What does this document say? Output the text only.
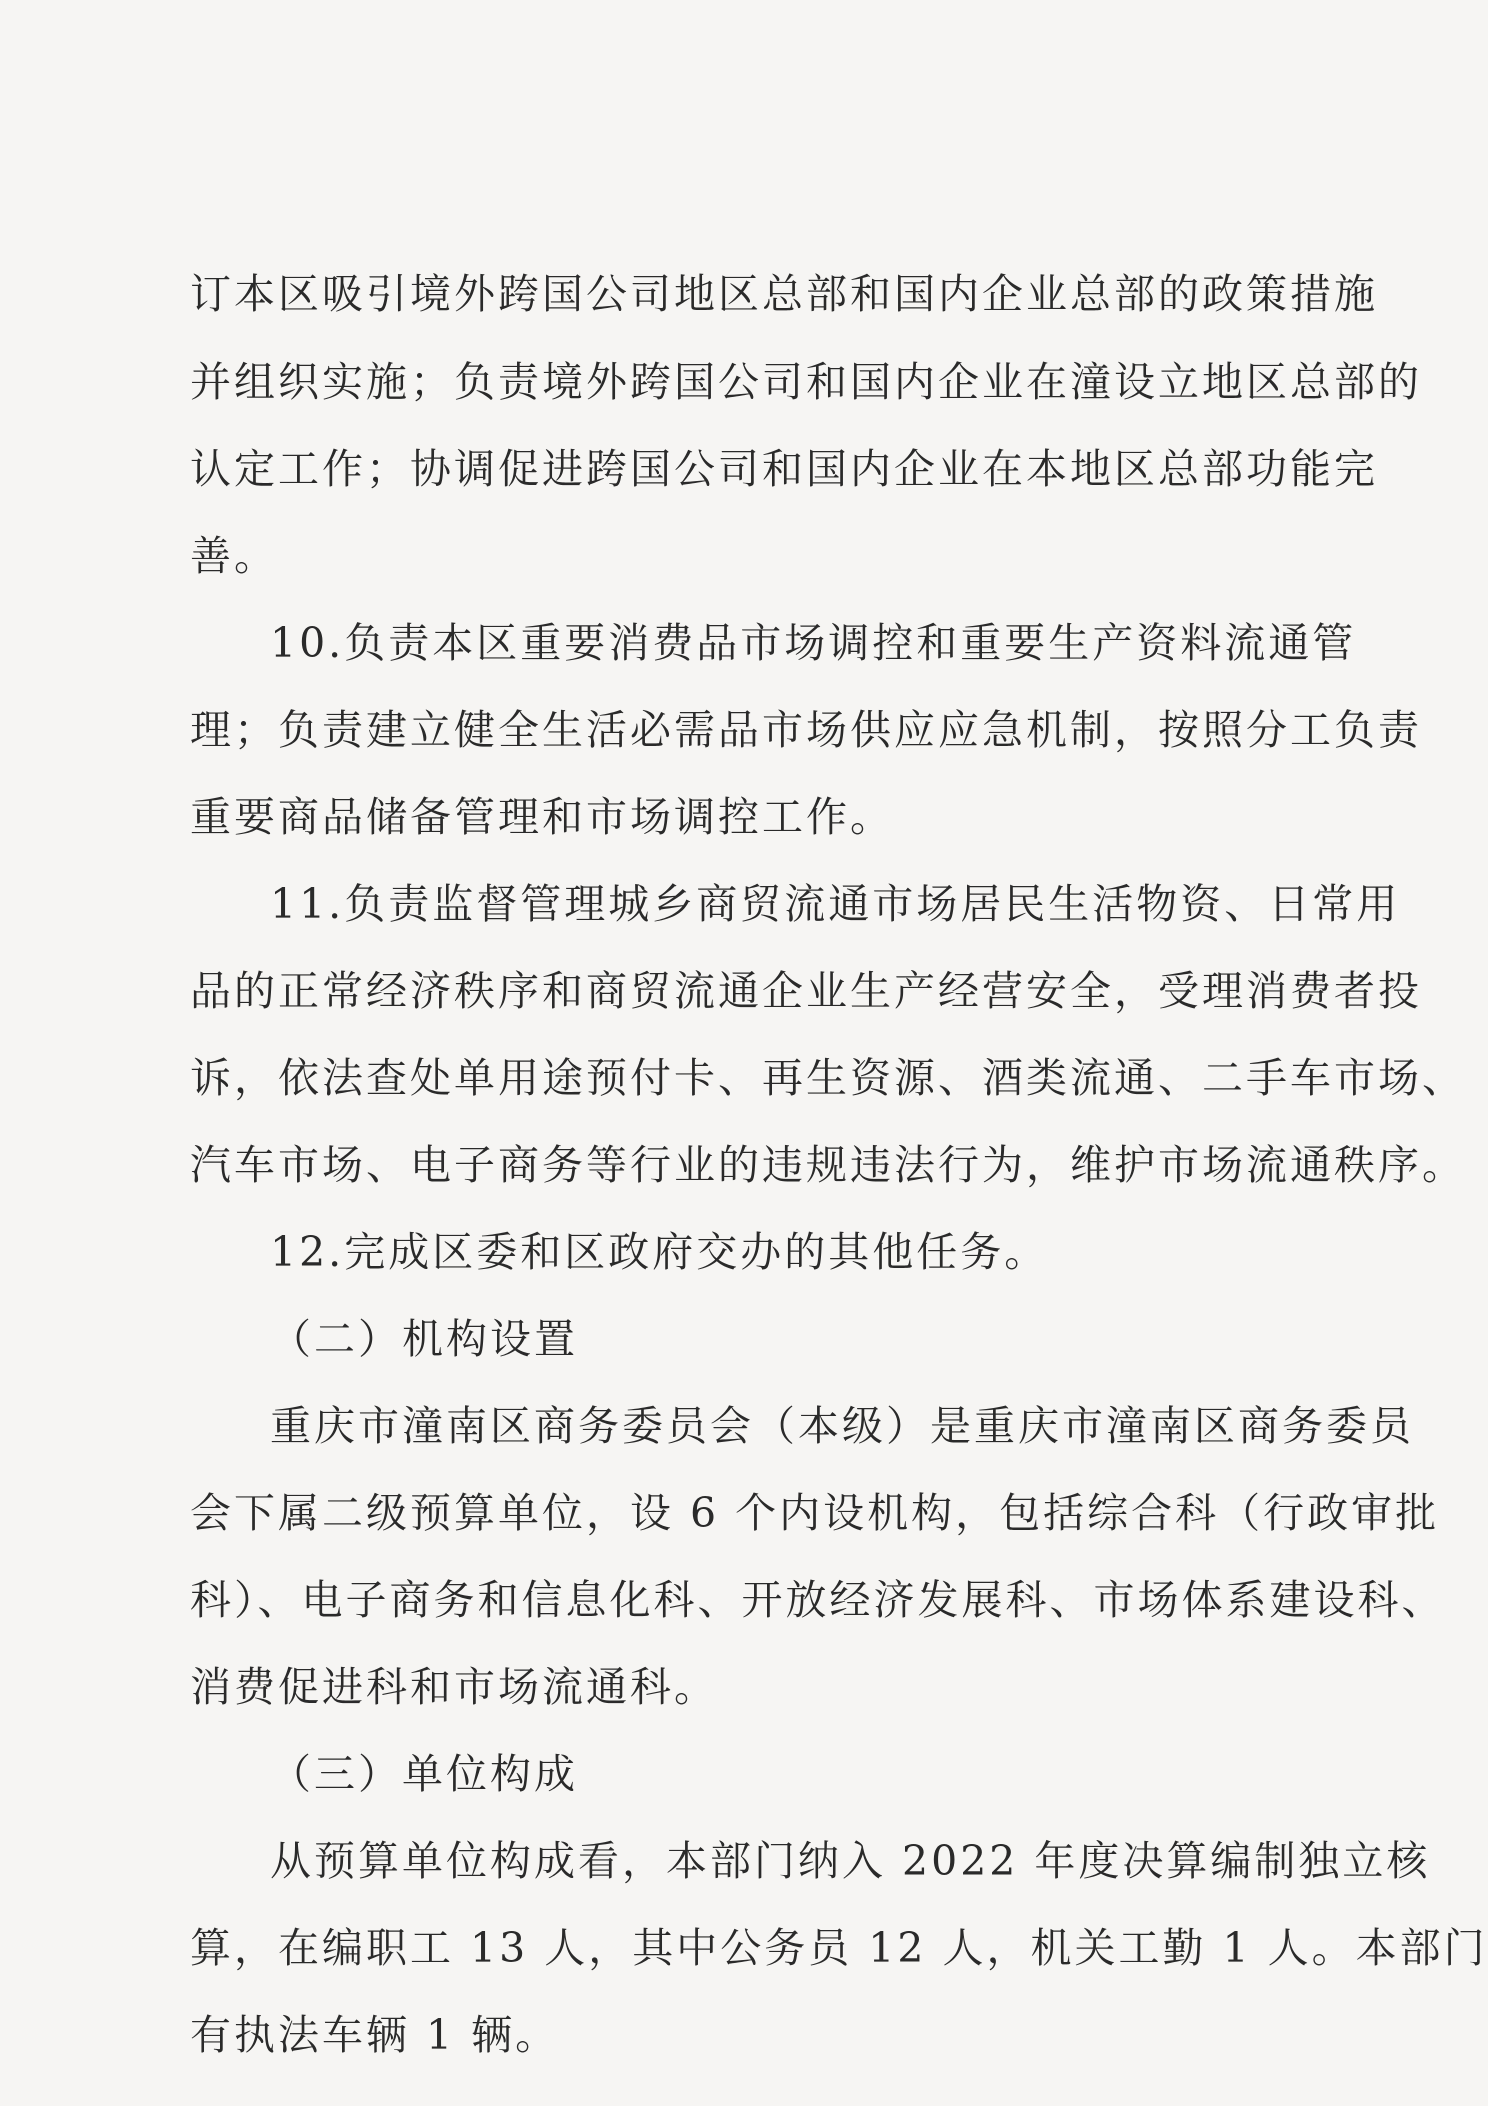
订本区吸引境外跨国公司地区总部和国内企业总部的政策措施
并组织实施；负责境外跨国公司和国内企业在潼设立地区总部的
认定工作；协调促进跨国公司和国内企业在本地区总部功能完
善。
10.负责本区重要消费品市场调控和重要生产资料流通管
理；负责建立健全生活必需品市场供应应急机制，按照分工负责
重要商品储备管理和市场调控工作。
11.负责监督管理城乡商贸流通市场居民生活物资、日常用
品的正常经济秩序和商贸流通企业生产经营安全，受理消费者投
诉，依法查处单用途预付卡、再生资源、酒类流通、二手车市场、
汽车市场、电子商务等行业的违规违法行为，维护市场流通秩序。
12.完成区委和区政府交办的其他任务。
（二）机构设置
重庆市潼南区商务委员会（本级）是重庆市潼南区商务委员
会下属二级预算单位，设 6 个内设机构，包括综合科（行政审批
科）、电子商务和信息化科、开放经济发展科、市场体系建设科、
消费促进科和市场流通科。
（三）单位构成
从预算单位构成看，本部门纳入 2022 年度决算编制独立核
算，在编职工 13 人，其中公务员 12 人，机关工勤 1 人。本部门
有执法车辆 1 辆。
